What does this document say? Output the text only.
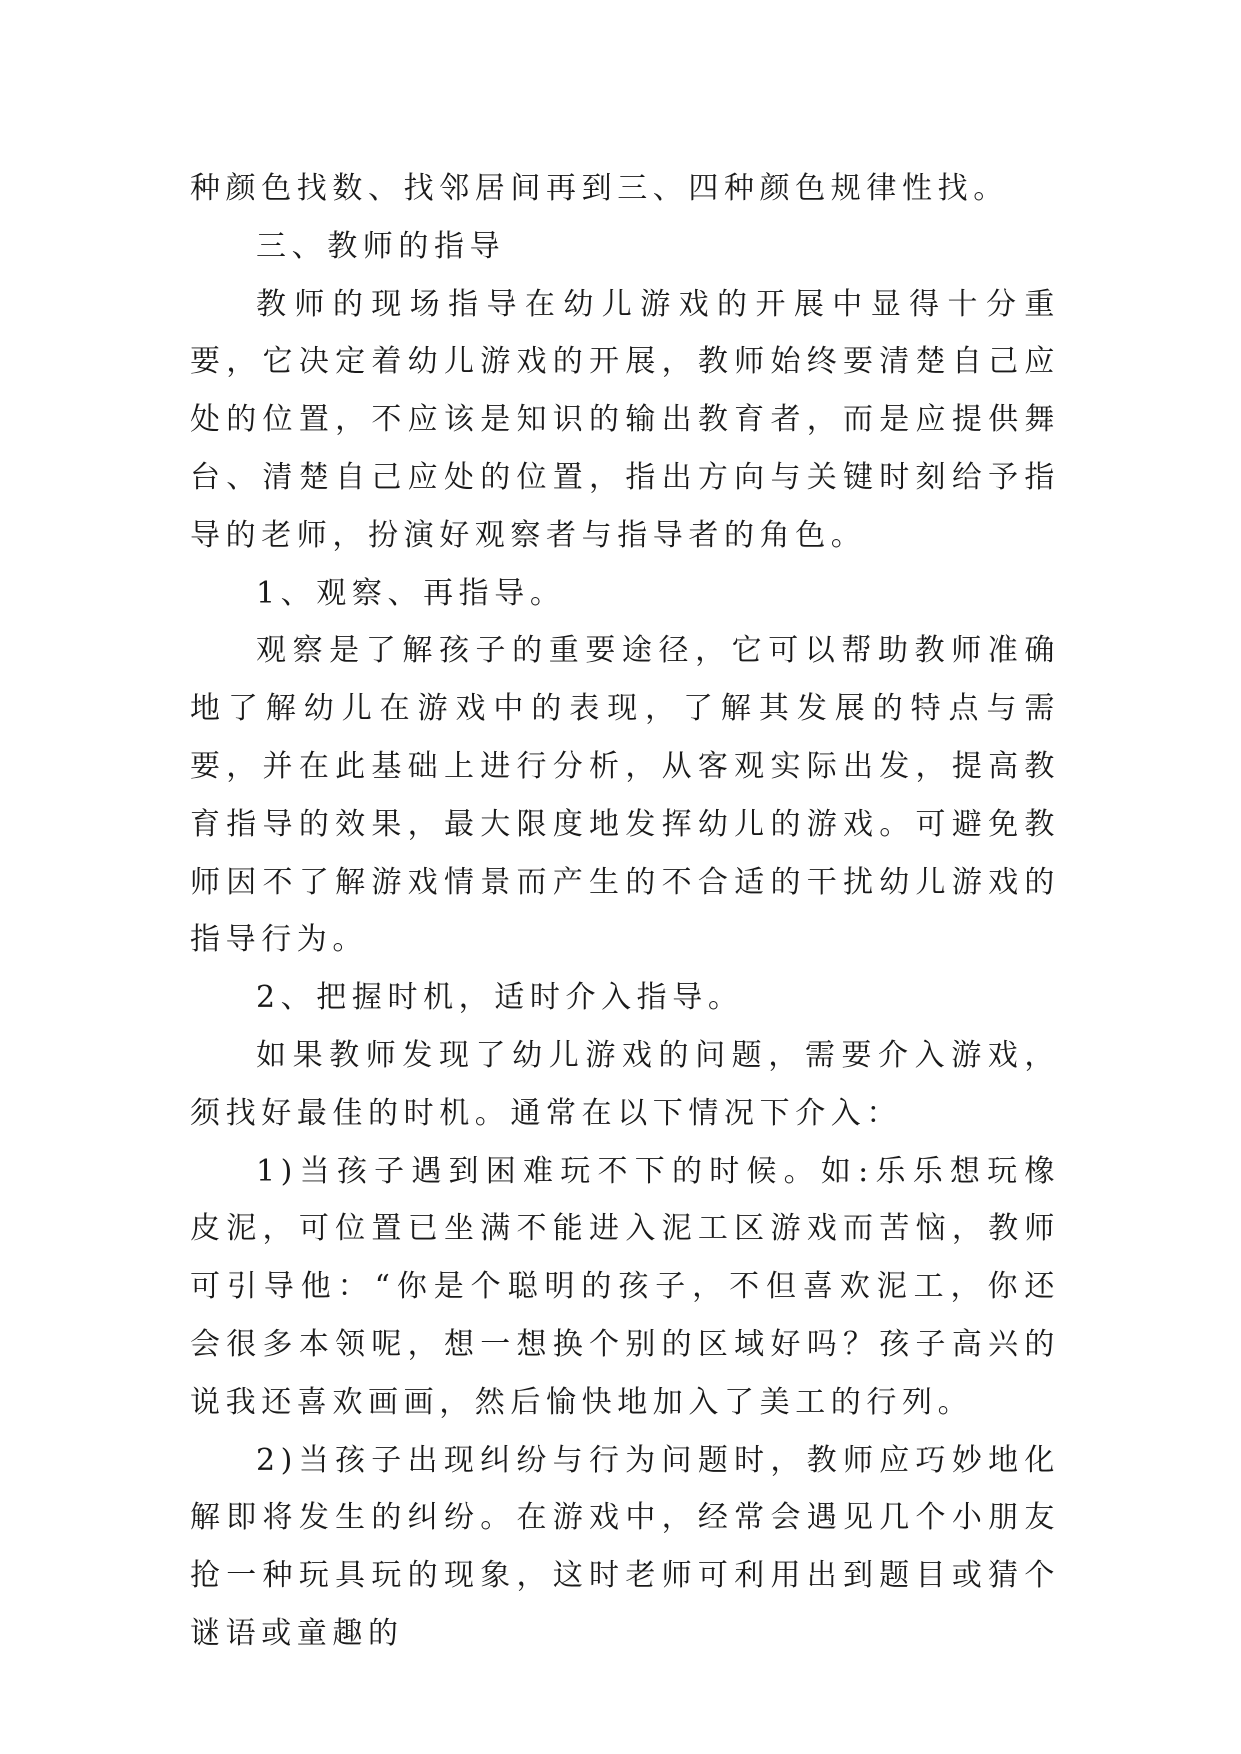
种颜色找数、找邻居间再到三、四种颜色规律性找。

三、教师的指导

教师的现场指导在幼儿游戏的开展中显得十分重要，它决定着幼儿游戏的开展，教师始终要清楚自己应处的位置，不应该是知识的输出教育者，而是应提供舞台、清楚自己应处的位置，指出方向与关键时刻给予指导的老师，扮演好观察者与指导者的角色。

1、观察、再指导。

观察是了解孩子的重要途径，它可以帮助教师准确地了解幼儿在游戏中的表现，了解其发展的特点与需要，并在此基础上进行分析，从客观实际出发，提高教育指导的效果，最大限度地发挥幼儿的游戏。可避免教师因不了解游戏情景而产生的不合适的干扰幼儿游戏的指导行为。

2、把握时机，适时介入指导。

如果教师发现了幼儿游戏的问题，需要介入游戏，须找好最佳的时机。通常在以下情况下介入：

1)当孩子遇到困难玩不下的时候。如:乐乐想玩橡皮泥，可位置已坐满不能进入泥工区游戏而苦恼，教师可引导他：“你是个聪明的孩子，不但喜欢泥工，你还会很多本领呢，想一想换个别的区域好吗？孩子高兴的说我还喜欢画画，然后愉快地加入了美工的行列。

2)当孩子出现纠纷与行为问题时，教师应巧妙地化解即将发生的纠纷。在游戏中，经常会遇见几个小朋友抢一种玩具玩的现象，这时老师可利用出到题目或猜个谜语或童趣的
